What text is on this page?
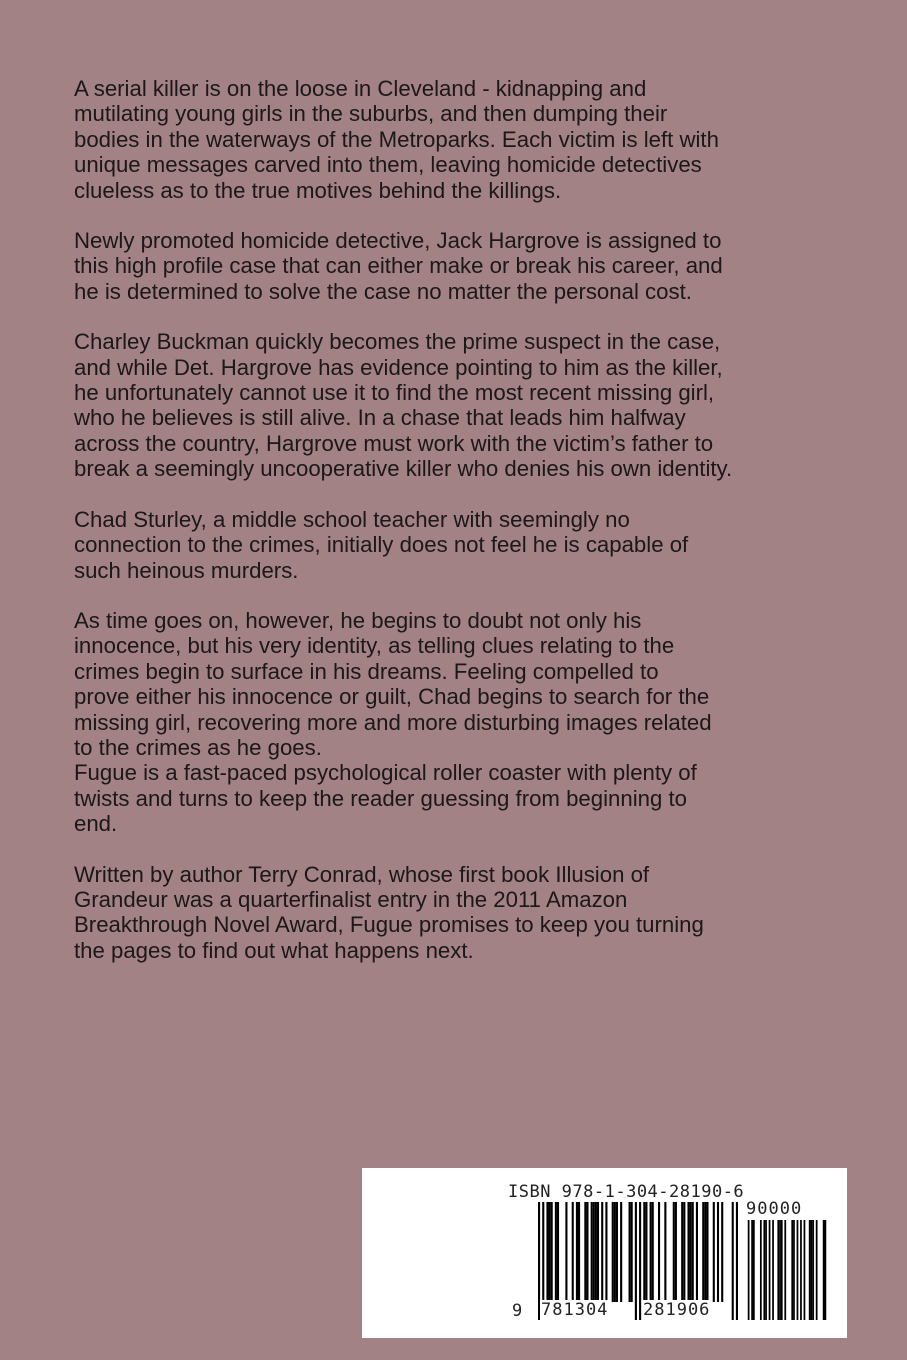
A serial killer is on the loose in Cleveland - kidnapping and
mutilating young girls in the suburbs, and then dumping their
bodies in the waterways of the Metroparks. Each victim is left with
unique messages carved into them, leaving homicide detectives
clueless as to the true motives behind the killings.

Newly promoted homicide detective, Jack Hargrove is assigned to
this high profile case that can either make or break his career, and
he is determined to solve the case no matter the personal cost.

Charley Buckman quickly becomes the prime suspect in the case,
and while Det. Hargrove has evidence pointing to him as the killer,
he unfortunately cannot use it to find the most recent missing girl,
who he believes is still alive. In a chase that leads him halfway
across the country, Hargrove must work with the victim’s father to
break a seemingly uncooperative killer who denies his own identity.

Chad Sturley, a middle school teacher with seemingly no
connection to the crimes, initially does not feel he is capable of
such heinous murders.

As time goes on, however, he begins to doubt not only his
innocence, but his very identity, as telling clues relating to the
crimes begin to surface in his dreams. Feeling compelled to
prove either his innocence or guilt, Chad begins to search for the
missing girl, recovering more and more disturbing images related
to the crimes as he goes.

Fugue is a fast-paced psychological roller coaster with plenty of
twists and turns to keep the reader guessing from beginning to
end.

Written by author Terry Conrad, whose first book Illusion of
Grandeur was a quarterfinalist entry in the 2011 Amazon
Breakthrough Novel Award, Fugue promises to keep you turning
the pages to find out what happens next.

ISBN 978-1-304-28190-6
90000
9 781304 281906
